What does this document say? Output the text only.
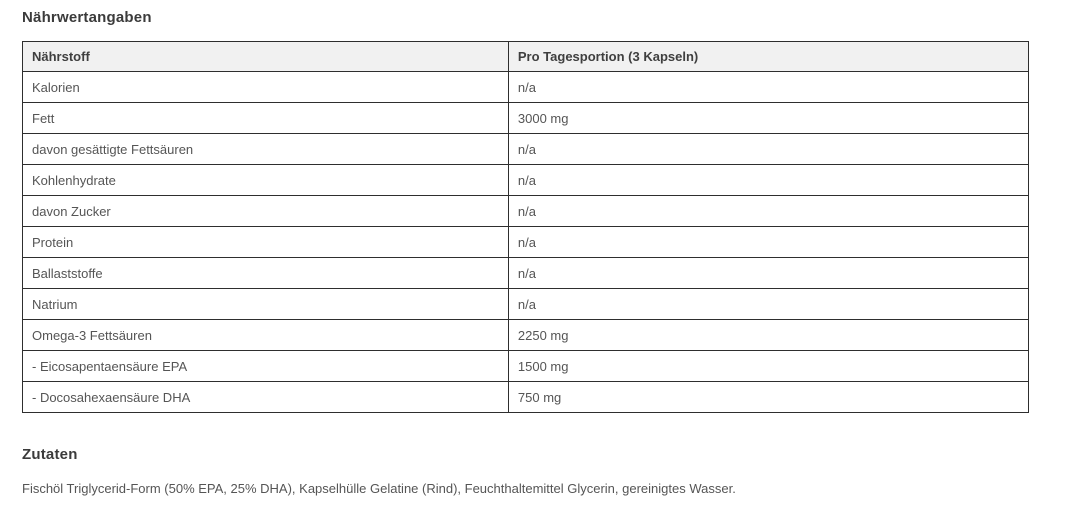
Nährwertangaben
Nährstoff	Pro Tagesportion (3 Kapseln)
Kalorien	n/a
Fett	3000 mg
davon gesättigte Fettsäuren	n/a
Kohlenhydrate	n/a
davon Zucker	n/a
Protein	n/a
Ballaststoffe	n/a
Natrium	n/a
Omega-3 Fettsäuren	2250 mg
- Eicosapentaensäure EPA	1500 mg
- Docosahexaensäure DHA	750 mg
Zutaten

Fischöl Triglycerid-Form (50% EPA, 25% DHA), Kapselhülle Gelatine (Rind), Feuchthaltemittel Glycerin, gereinigtes Wasser.
